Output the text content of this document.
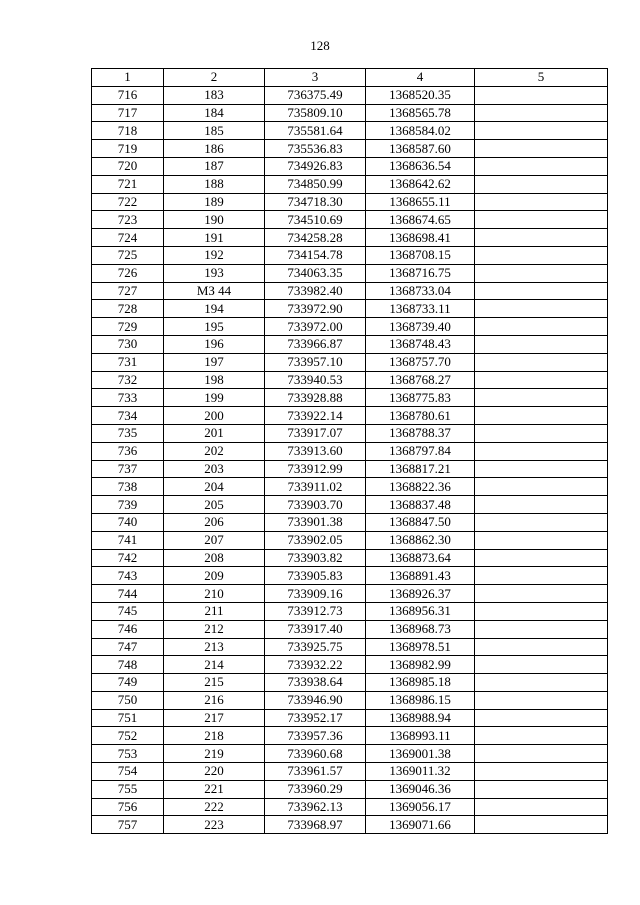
128
1	2	3	4	5
716	183	736375.49	1368520.35	
717	184	735809.10	1368565.78	
718	185	735581.64	1368584.02	
719	186	735536.83	1368587.60	
720	187	734926.83	1368636.54	
721	188	734850.99	1368642.62	
722	189	734718.30	1368655.11	
723	190	734510.69	1368674.65	
724	191	734258.28	1368698.41	
725	192	734154.78	1368708.15	
726	193	734063.35	1368716.75	
727	МЗ 44	733982.40	1368733.04	
728	194	733972.90	1368733.11	
729	195	733972.00	1368739.40	
730	196	733966.87	1368748.43	
731	197	733957.10	1368757.70	
732	198	733940.53	1368768.27	
733	199	733928.88	1368775.83	
734	200	733922.14	1368780.61	
735	201	733917.07	1368788.37	
736	202	733913.60	1368797.84	
737	203	733912.99	1368817.21	
738	204	733911.02	1368822.36	
739	205	733903.70	1368837.48	
740	206	733901.38	1368847.50	
741	207	733902.05	1368862.30	
742	208	733903.82	1368873.64	
743	209	733905.83	1368891.43	
744	210	733909.16	1368926.37	
745	211	733912.73	1368956.31	
746	212	733917.40	1368968.73	
747	213	733925.75	1368978.51	
748	214	733932.22	1368982.99	
749	215	733938.64	1368985.18	
750	216	733946.90	1368986.15	
751	217	733952.17	1368988.94	
752	218	733957.36	1368993.11	
753	219	733960.68	1369001.38	
754	220	733961.57	1369011.32	
755	221	733960.29	1369046.36	
756	222	733962.13	1369056.17	
757	223	733968.97	1369071.66	
